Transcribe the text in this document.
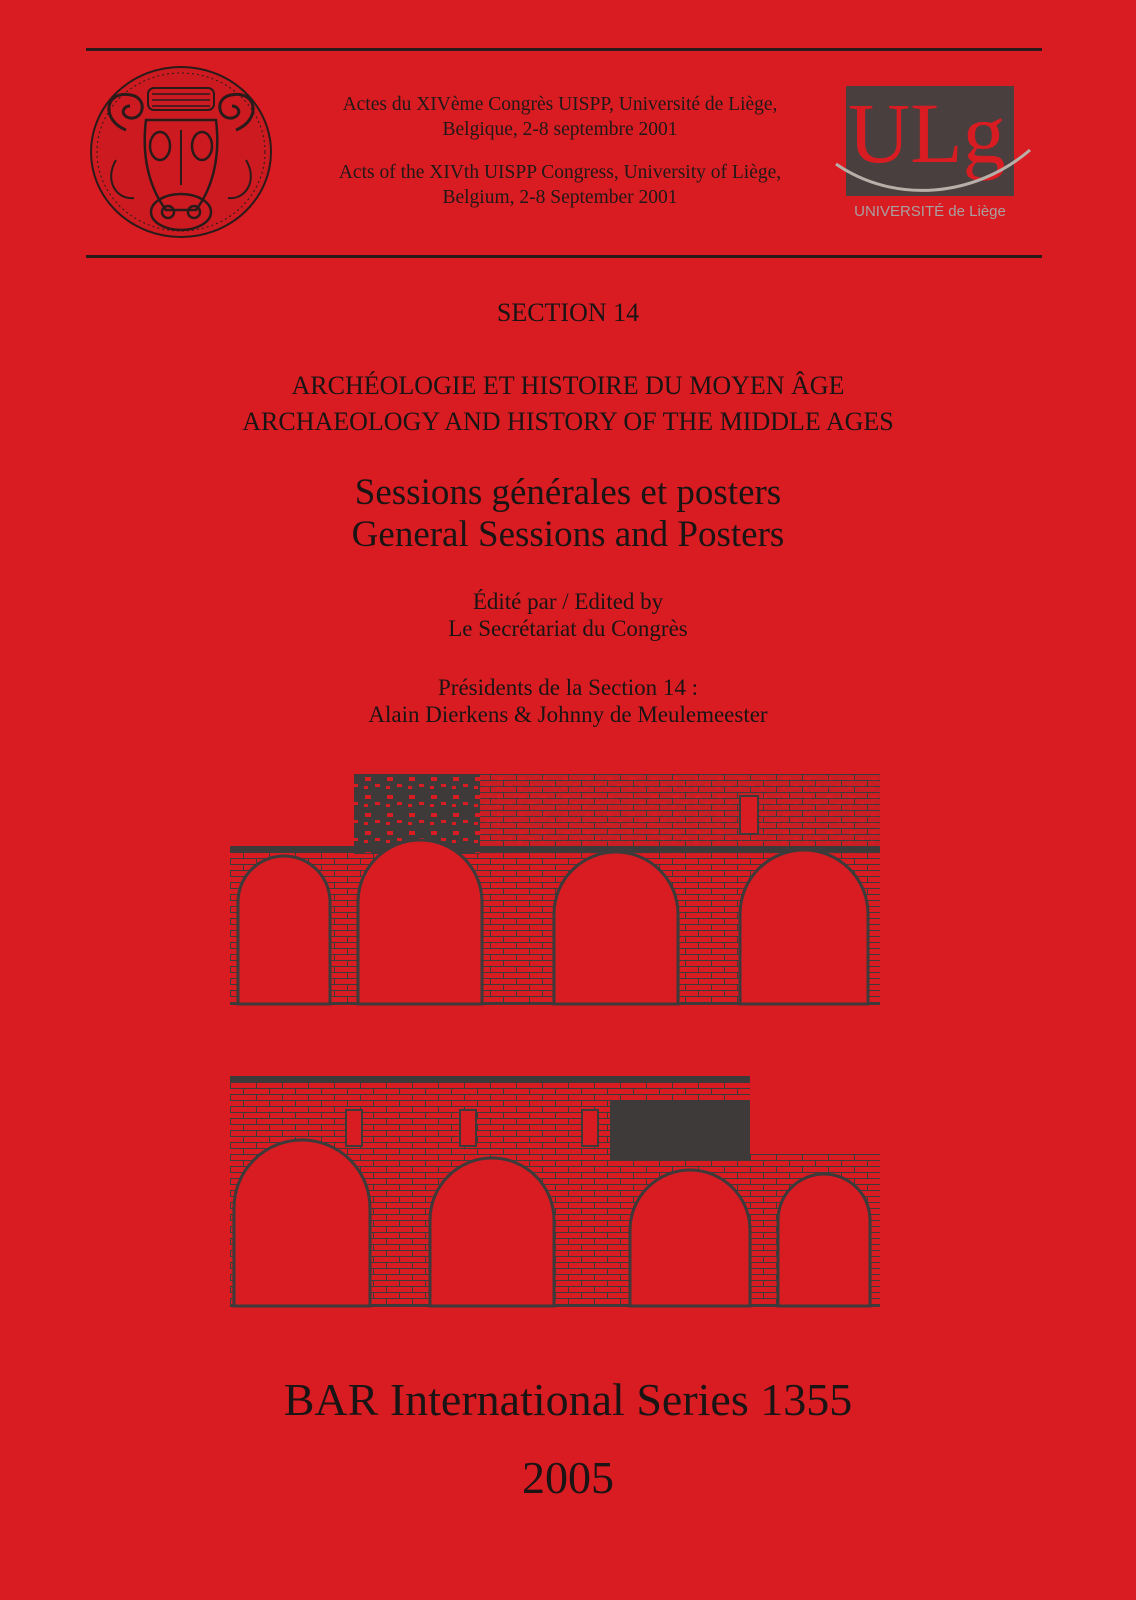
Actes du XIVème Congrès UISPP, Université de Liège,
Belgique, 2-8 septembre 2001
Acts of the XIVth UISPP Congress, University of Liège,
Belgium, 2-8 September 2001
ULg
UNIVERSITÉ de Liège
SECTION 14
ARCHÉOLOGIE ET HISTOIRE DU MOYEN ÂGE
ARCHAEOLOGY AND HISTORY OF THE MIDDLE AGES
Sessions générales et posters
General Sessions and Posters
Édité par / Edited by
Le Secrétariat du Congrès
Présidents de la Section 14 :
Alain Dierkens & Johnny de Meulemeester
BAR International Series 1355
2005
